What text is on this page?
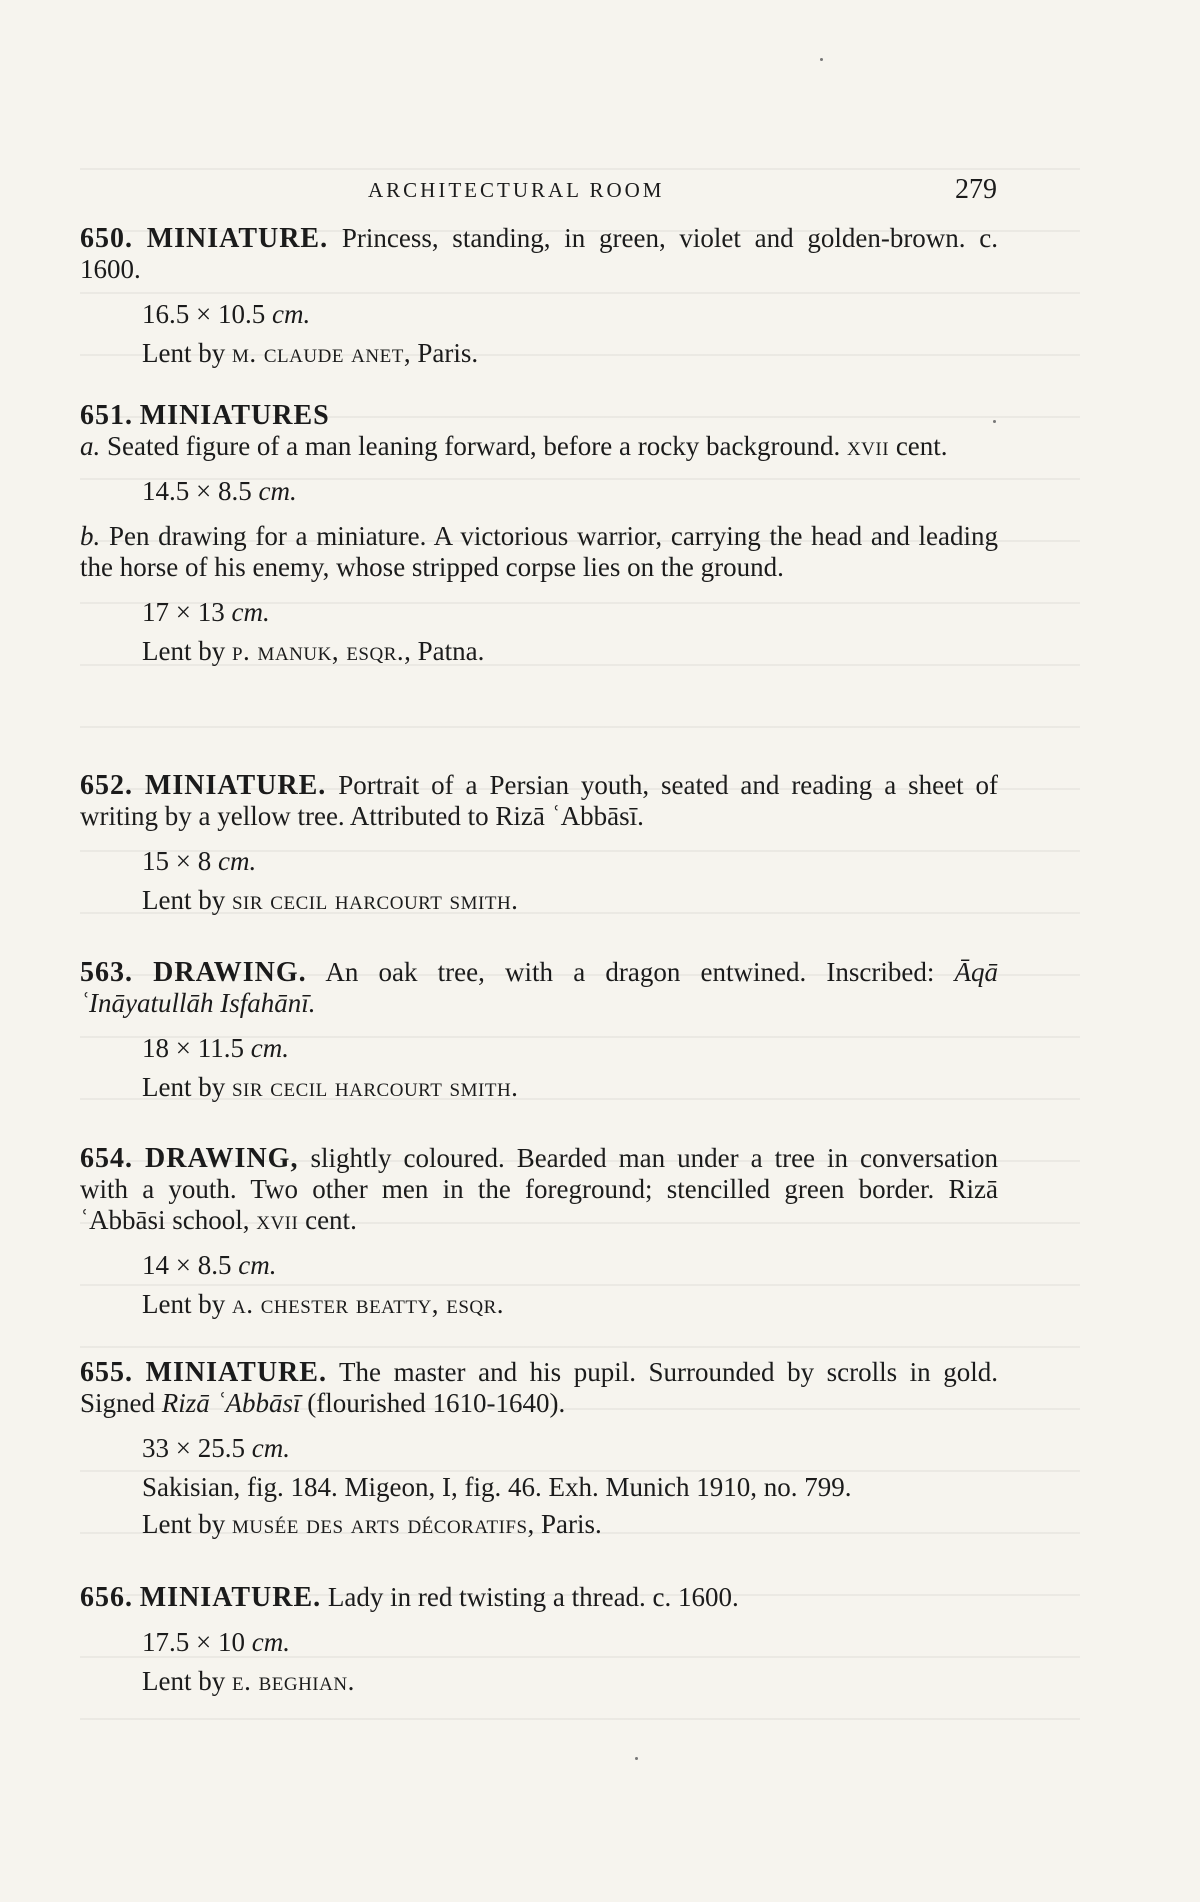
ARCHITECTURAL ROOM	279

650. MINIATURE. Princess, standing, in green, violet and golden-brown. c. 1600.

16.5 × 10.5 cm.

Lent by m. claude anet, Paris.

651. MINIATURES

a. Seated figure of a man leaning forward, before a rocky background. xvii cent.

14.5 × 8.5 cm.

b. Pen drawing for a miniature. A victorious warrior, carrying the head and leading the horse of his enemy, whose stripped corpse lies on the ground.

17 × 13 cm.

Lent by p. manuk, esqr., Patna.

652. MINIATURE. Portrait of a Persian youth, seated and reading a sheet of writing by a yellow tree. Attributed to Rizā ʿAbbāsī.

15 × 8 cm.

Lent by sir cecil harcourt smith.

563. DRAWING. An oak tree, with a dragon entwined. Inscribed: Āqā ʿInāyatullāh Isfahānī.

18 × 11.5 cm.

Lent by sir cecil harcourt smith.

654. DRAWING, slightly coloured. Bearded man under a tree in conversation with a youth. Two other men in the foreground; stencilled green border. Rizā ʿAbbāsi school, xvii cent.

14 × 8.5 cm.

Lent by a. chester beatty, esqr.

655. MINIATURE. The master and his pupil. Surrounded by scrolls in gold. Signed Rizā ʿAbbāsī (flourished 1610-1640).

33 × 25.5 cm.

Sakisian, fig. 184. Migeon, I, fig. 46. Exh. Munich 1910, no. 799.

Lent by musée des arts décoratifs, Paris.

656. MINIATURE. Lady in red twisting a thread. c. 1600.

17.5 × 10 cm.

Lent by e. beghian.
